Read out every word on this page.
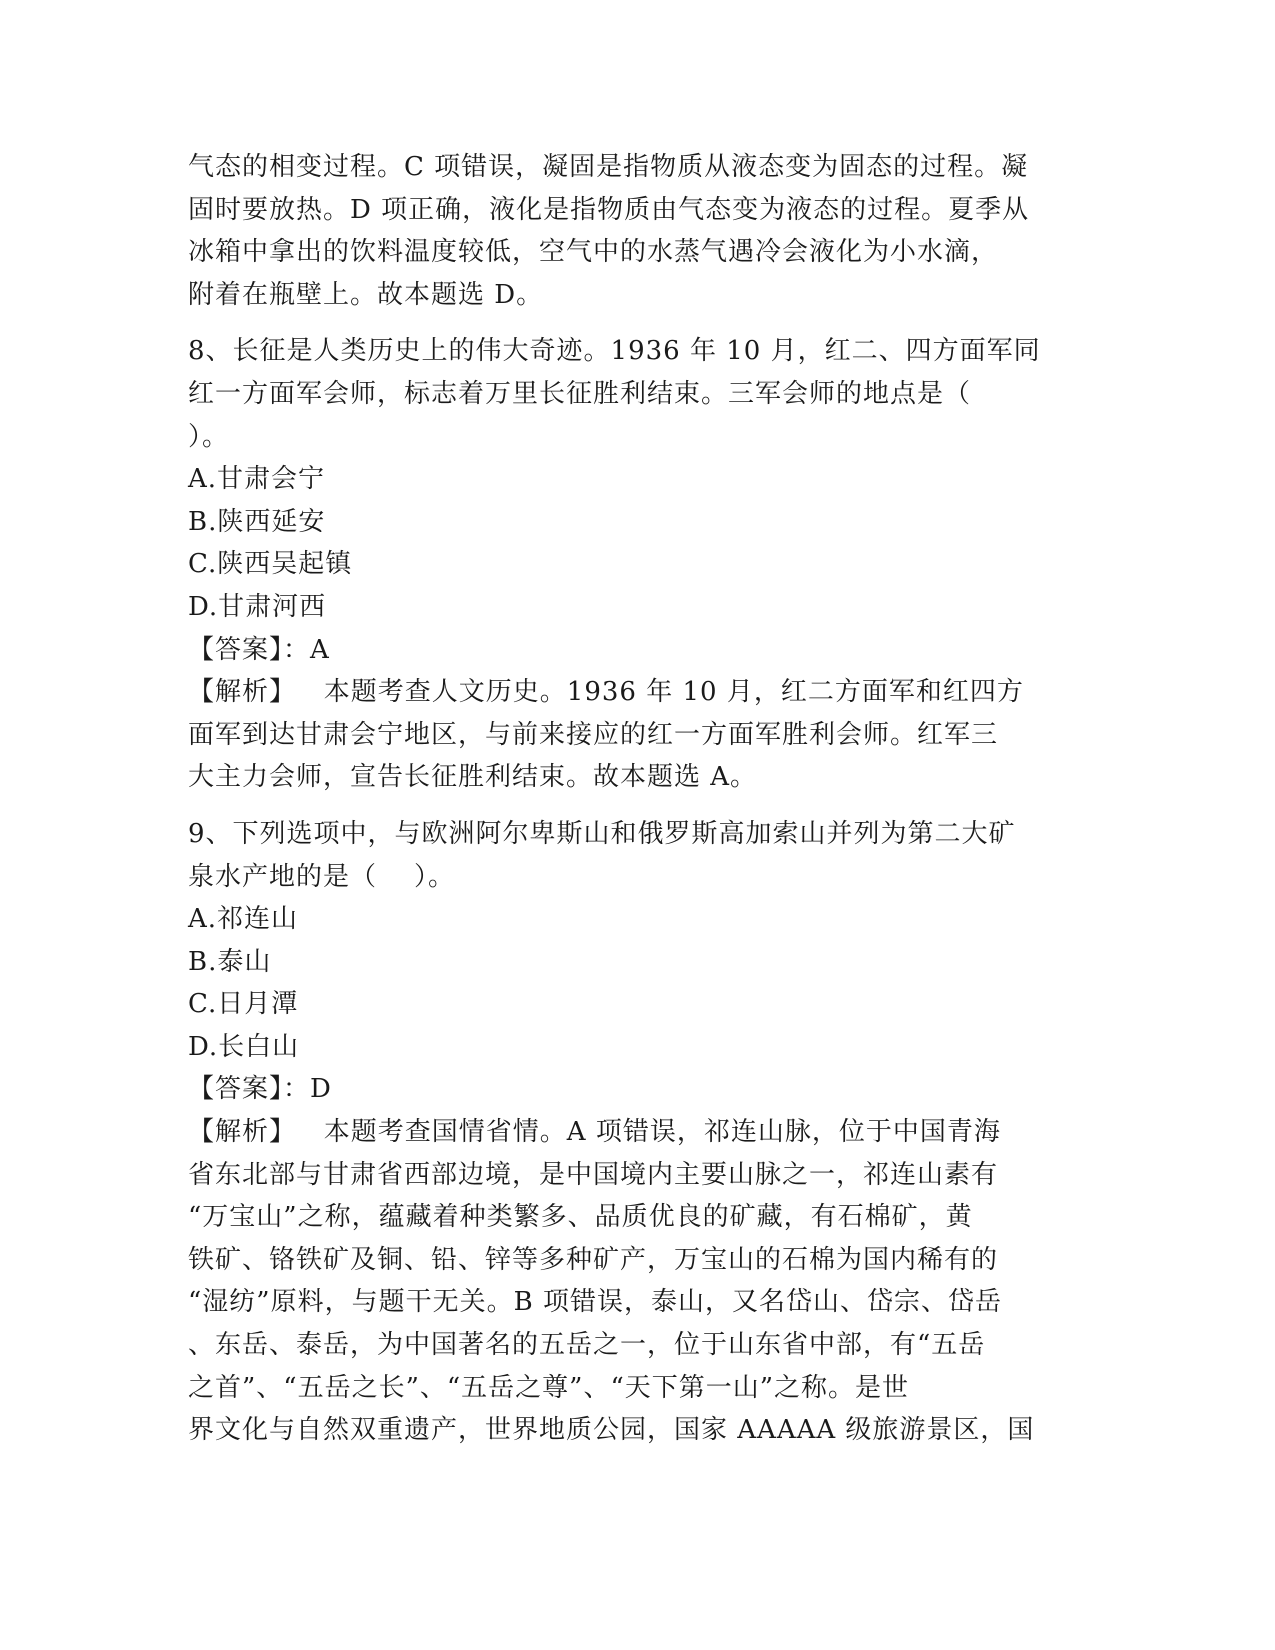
气态的相变过程。C 项错误，凝固是指物质从液态变为固态的过程。凝
固时要放热。D 项正确，液化是指物质由气态变为液态的过程。夏季从
冰箱中拿出的饮料温度较低，空气中的水蒸气遇冷会液化为小水滴，
附着在瓶壁上。故本题选 D。
8、长征是人类历史上的伟大奇迹。1936 年 10 月，红二、四方面军同
红一方面军会师，标志着万里长征胜利结束。三军会师的地点是（
）。
A.甘肃会宁
B.陕西延安
C.陕西吴起镇
D.甘肃河西
【答案】：A
【解析】   本题考查人文历史。1936 年 10 月，红二方面军和红四方
面军到达甘肃会宁地区，与前来接应的红一方面军胜利会师。红军三
大主力会师，宣告长征胜利结束。故本题选 A。
9、下列选项中，与欧洲阿尔卑斯山和俄罗斯高加索山并列为第二大矿
泉水产地的是（    ）。
A.祁连山
B.泰山
C.日月潭
D.长白山
【答案】：D
【解析】   本题考查国情省情。A 项错误，祁连山脉，位于中国青海
省东北部与甘肃省西部边境，是中国境内主要山脉之一，祁连山素有
“万宝山”之称，蕴藏着种类繁多、品质优良的矿藏，有石棉矿，黄
铁矿、铬铁矿及铜、铅、锌等多种矿产，万宝山的石棉为国内稀有的
“湿纺”原料，与题干无关。B 项错误，泰山，又名岱山、岱宗、岱岳
、东岳、泰岳，为中国著名的五岳之一，位于山东省中部，有“五岳
之首”、“五岳之长”、“五岳之尊”、“天下第一山”之称。是世
界文化与自然双重遗产，世界地质公园，国家 AAAAA 级旅游景区，国
